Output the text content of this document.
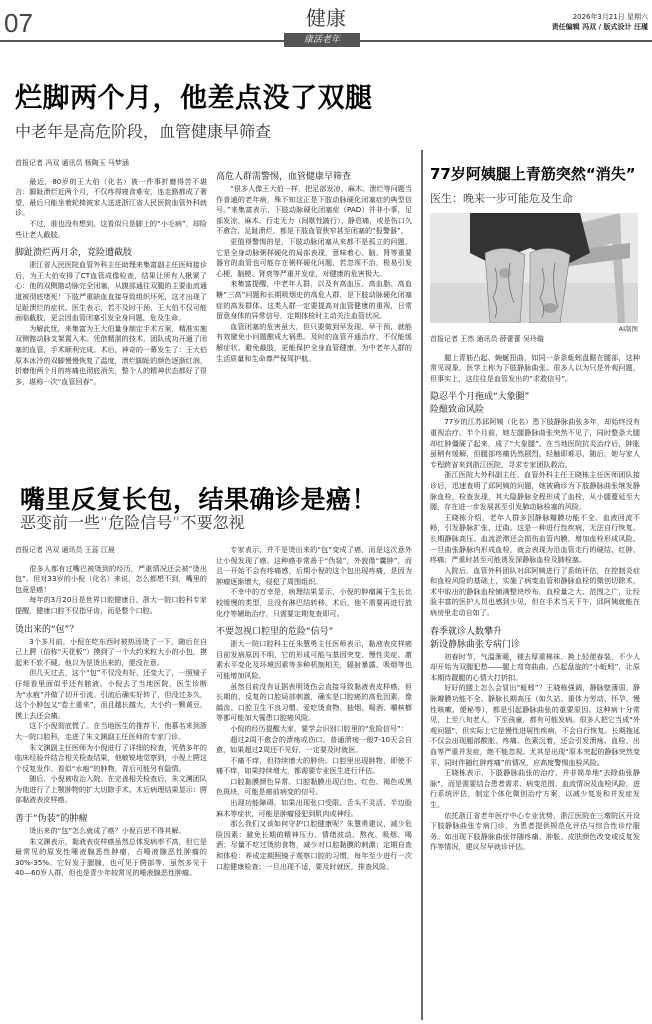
07	健康
康活老年
2026年3月21日 星期六
责任编辑 冯双 / 版式设计 汪瑾
烂脚两个月，他差点没了双腿
中老年是高危阶段，血管健康早筛查

首报记者 冯双 通讯员 杨陶玉 马梦涵

最近，80岁的王大伯（化名）被一件事折磨得苦不堪言：脚趾溃烂近两个月，不仅疼得寝食难安，连走路都成了奢望，最后只能坐着轮椅被家人送进浙江省人民医院血管外科就诊。

不过，谁也没有想到，这看似只是脚上的“小毛病”，却险些让老人截肢。

脚趾溃烂两月余，竟险遭截肢

浙江省人民医院血管外科主任助理来集富副主任医师接诊后，为王大伯安排了CT血管成像检查，结果让所有人揪紧了心：他的双侧髂动脉完全闭塞，从腹部通往双腿的主要血流通道被彻底堵死！下肢严重缺血直接导致组织坏死，这才出现了足趾溃烂的症状。医生表示，若不及时干预，王大伯不仅可能面临截肢，更会因血管闭塞引发全身问题，危及生命。

为解此忧，来集富为王大伯量身制定手术方案，精准实施双侧髂动脉支架置入术。凭借精湛的技术，团队成功开通了闭塞的血管，手术顺利完成。术后，神奇的一幕发生了：王大伯原本冰冷的双脚慢慢恢复了温度，溃烂脚趾的颜色逐渐红润，折磨他两个月的疼痛也彻底消失，整个人的精神状态都好了很多，堪称一次“血管回春”。

高危人群需警惕，血管健康早筛查

“很多人像王大伯一样，把足部发凉、麻木、溃烂等问题当作普通的老年病，殊不知这正是下肢动脉硬化闭塞症的典型信号。”来集富表示，下肢动脉硬化闭塞症（PAD）并非小事，足部发凉、麻木、行走无力（间歇性跛行）、静息痛，或是伤口久不愈合、足趾溃烂，都是下肢血管狭窄甚至闭塞的“报警器”。

更值得警惕的是，下肢动脉闭塞从来都不是孤立的问题，它是全身动脉粥样硬化的局部表现，意味着心、脑、肾等重要器官的血管也可能存在粥样硬化问题，若忽视不治，极易引发心梗、脑梗、肾衰等严重并发症，对健康的危害极大。

来集富提醒，中老年人群，以及有高血压、高血脂、高血糖“三高”问题和长期吸烟史的高危人群，是下肢动脉硬化闭塞症的高发群体。这类人群一定要提高对血管健康的重视，日常留意身体的异常信号，定期体检时主动关注血管状况。

血管闭塞的危害虽大，但只要做到早发现、早干预，就能有效避免小问题酿成大祸患。及时的血管开通治疗，不仅能缓解症状、避免截肢，更能保护全身血管健康，为中老年人群的生活质量和生命尊严保驾护航。

嘴里反复长包，结果确诊是癌！
恶变前一些“危险信号”不要忽视

首报记者 冯双 通讯员 王蕊 江晨

很多人都有过嘴巴被烫到的经历，严重情况还会被“烫出包”。但对33岁的小倪（化名）来说，怎么都想不到，嘴里的包竟是癌！

每年的3月20日是世界口腔健康日，浙大一院口腔科专家提醒，健康口腔不仅指牙齿，而是整个口腔。

烫出来的“包”？

3个多月前，小倪在吃东西时被热汤烫了一下，随后在自己上腭（俗称“天花板”）摸到了一个大约米粒大小的小包，摸起来不软不硬。他以为是烫出来的，便没在意。

但几天过去，这个“包”不仅没有好，还变大了，一照镜子仔细看里面似乎还有脓液。小倪去了当地医院，医生诊断为“水疱”并做了切开引流。引流后确实好转了，但没过多久，这个小肿包又“卷土重来”，而且越长越大，大小约一颗黄豆，摸上去还会痛。

这下小倪彻底慌了。在当地医生的推荐下，他慕名来到浙大一院口腔科，走进了朱文渊副主任医师的专家门诊。

朱文渊副主任医师为小倪进行了详细的检查，凭借多年的临床经验并结合相关检查结果，他敏锐地觉察到，小倪上腭这个反复发作、看似“水疱”的肿物，背后可能另有隐情。

随后，小倪被收治入院。在完善相关检查后，朱文渊团队为他进行了上颚肿物的扩大切除手术。术后病理结果显示：腭部黏液表皮样癌。

善于“伪装”的肿瘤

烫出来的“包”怎么就成了癌？小倪百思不得其解。

朱文渊表示，黏液表皮样癌虽然总体发病率不高，但它是最常见的原发性唾液腺恶性肿瘤，占唾液腺恶性肿瘤的30%-35%。它好发于腮腺，也可见于腭部等，虽然多见于40—60岁人群，但也是青少年较常见的唾液腺恶性肿瘤。

专家表示，并不是烫出来的“包”变成了癌，而是这次意外让小倪发现了癌。这种癌非常善于“伪装”，外貌像“囊肿”，而且一开始不会有疼痛感，后期小倪的这个包出现疼痛，是因为肿瘤逐渐增大，侵犯了周围组织。

不幸中的万幸是，病理结果显示，小倪的肿瘤属于生长比较缓慢的类型，且没有淋巴结转移。术后，他不需要再进行放化疗等辅助治疗，只需要定期复查即可。

不要忽视口腔里的危险“信号”

浙大一院口腔科主任朱慧勇主任医师表示，黏液表皮样癌目前发病原因不明，它的形成可能与基因突变、慢性炎症、激素水平变化及环境因素等多种机制相关，辐射暴露、吸烟等也可能增加风险。

虽然目前没有证据表明烫伤会直接导致黏液表皮样癌，但长期的、反复的口腔局部刺激，确实是口腔癌的高危因素，像龋齿、口腔卫生不良习惯、爱吃烫食物、抽烟、喝酒、嚼槟榔等都可能加大罹患口腔癌风险。

小倪的经历提醒大家，要学会识别口腔里的“危险信号”：

超过2周不愈合的溃疡或伤口。普通溃疡一般7-10天会自愈，如果超过2周还不见好，一定要及时就医。

不痛不痒，但持续增大的肿块。口腔里出现肿物，即使不痛不痒，如果持续增大，都需要专业医生进行评估。

口腔黏膜颜色异常。口腔黏膜出现白色、红色、褐色或黑色斑块，可能是癌前病变的信号。

出现功能障碍。如果出现张口受限、舌头不灵活、半边脸麻木等症状，可能是肿瘤侵犯到肌肉或神经。

那么我们又该如何守护口腔健康呢？朱慧勇建议，减少危险因素：避免长期的精神压力、情绪波动、熬夜、吸烟、喝酒；尽量不吃过烫的食物，减少对口腔黏膜的刺激；定期自查和体检：养成定期照镜子观察口腔的习惯，每年至少进行一次口腔健康检查；一旦出现不适，要及时就医，排查风险。

77岁阿姨腿上青筋突然“消失”
医生：晚来一步可能危及生命
AI制图

首报记者 王然 通讯员 薛蕾蕾 吴玲璇

腿上青筋凸起、蜿蜒扭曲，如同一条条蚯蚓盘踞在腿部，这种常见现象，医学上称为下肢静脉曲张。很多人以为只是外观问题，但事实上，这往往是血管发出的“求救信号”。

隐忍半个月拖成“大象腿”
险酿致命风险

77岁的江苏邱阿姨（化名）患下肢静脉曲张多年，却始终没有重视治疗。半个月前，她左腿静脉曲张突然不见了，同时整条大腿却红肿僵硬了起来，成了“大象腿”。在当地医院抗炎治疗后，肿胀虽稍有缓解，但腿部疼痛仍然剧烈，轻触即难忍，随后，她与家人专程跨省来到浙江医院，寻求专家团队救治。

浙江医院大外科副主任、血管外科主任王晓栋主任医师团队接诊后，迅速查明了邱阿姨的问题，她被确诊为下肢静脉曲张继发静脉血栓，检查发现，其大隐静脉全程形成了血栓，从小腿蔓延至大腿，存在进一步发展甚至引发肺动脉栓塞的风险。

王晓栋介绍，老年人群多因静脉瓣膜功能不全、血液回流不畅，引发静脉扩张、迂曲。这是一种进行性疾病，无法自行恢复。长期静脉高压、血流淤滞还会损伤血管内膜，增加血栓形成风险。一旦曲张静脉内形成血栓，就会表现为沿血管走行的硬结、红肿、疼痛；严重时甚至可能诱发深静脉血栓及肺栓塞。

入院后，血管外科团队对邱阿姨进行了系统评估，在控制炎症和血栓风险的基础上，实施了病变血管和静脉血栓的微创切除术，术中取出的静脉血栓铺满整块纱布，血栓量之大、范围之广，让经验丰富的医护人员也感到少见，但在手术当天下午，邱阿姨就能在病房里走动自如了。

春季就诊人数攀升
新设静脉曲张专病门诊

初春时节，气温渐暖，褪去厚重棉袜、换上轻便春装，不少人却开始为双腿犯愁——腿上弯弯曲曲、凸起盘旋的“小蚯蚓”，让原本期待靓腿的心情大打折扣。

好好的腿上怎么会冒出“蚯蚓”？王晓栋强调，静脉壁薄弱、静脉瓣膜功能不全、静脉长期高压（如久站、重体力劳动、怀孕、慢性咳嗽、便秘等），都是引起静脉曲张的重要原因。这种病十分常见，上至八旬老人，下至孩童，都有可能发病。很多人把它当成“外观问题”，但实际上它是慢性进展性疾病，不会自行恢复。长期拖延不仅会出现腿部酸胀、疼痛、色素沉着，还会引发溃疡、血栓、出血等严重并发症，绝不能忽视。尤其是出现“原本突起的静脉突然变平、同时伴随红肿疼痛”的情况，应高度警惕血栓风险。

王晓栋表示，下肢静脉曲张的治疗，并非简单地“去除曲张静脉”，而是需要结合患者需求、病变范围、血流情况及血栓风险，进行系统评估，制定个体化微创治疗方案，以减少复发和并发症发生。

依托浙江省老年医疗中心专业优势，浙江医院在三墩院区开设下肢静脉曲张专病门诊，为患者提供规范化评估与综合性诊疗服务。如出现下肢静脉曲张伴随疼痛、肿胀、皮肤颜色改变或反复发作等情况，建议尽早就诊评估。
